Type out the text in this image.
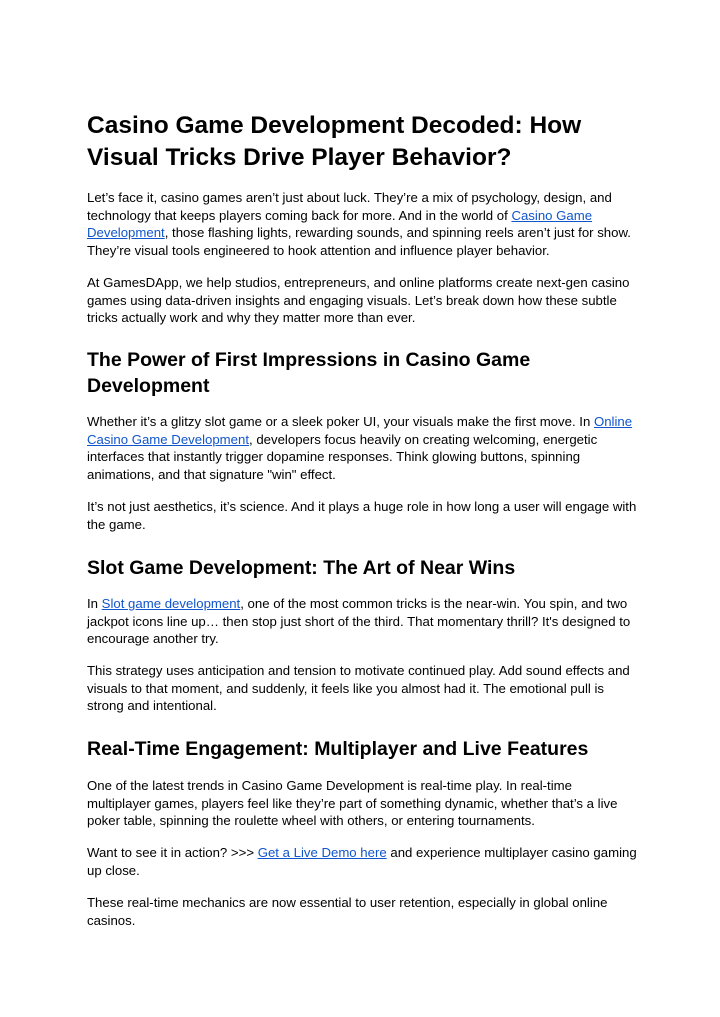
Casino Game Development Decoded: How Visual Tricks Drive Player Behavior?

Let’s face it, casino games aren’t just about luck. They’re a mix of psychology, design, and technology that keeps players coming back for more. And in the world of Casino Game Development, those flashing lights, rewarding sounds, and spinning reels aren’t just for show. They’re visual tools engineered to hook attention and influence player behavior.

At GamesDApp, we help studios, entrepreneurs, and online platforms create next-gen casino games using data-driven insights and engaging visuals. Let’s break down how these subtle tricks actually work and why they matter more than ever.

The Power of First Impressions in Casino Game Development

Whether it’s a glitzy slot game or a sleek poker UI, your visuals make the first move. In Online Casino Game Development, developers focus heavily on creating welcoming, energetic interfaces that instantly trigger dopamine responses. Think glowing buttons, spinning animations, and that signature "win" effect.

It’s not just aesthetics, it’s science. And it plays a huge role in how long a user will engage with the game.

Slot Game Development: The Art of Near Wins

In Slot game development, one of the most common tricks is the near-win. You spin, and two jackpot icons line up… then stop just short of the third. That momentary thrill? It's designed to encourage another try.

This strategy uses anticipation and tension to motivate continued play. Add sound effects and visuals to that moment, and suddenly, it feels like you almost had it. The emotional pull is strong and intentional.

Real-Time Engagement: Multiplayer and Live Features

One of the latest trends in Casino Game Development is real-time play. In real-time multiplayer games, players feel like they’re part of something dynamic, whether that’s a live poker table, spinning the roulette wheel with others, or entering tournaments.

Want to see it in action? >>> Get a Live Demo here and experience multiplayer casino gaming up close.

These real-time mechanics are now essential to user retention, especially in global online casinos.
